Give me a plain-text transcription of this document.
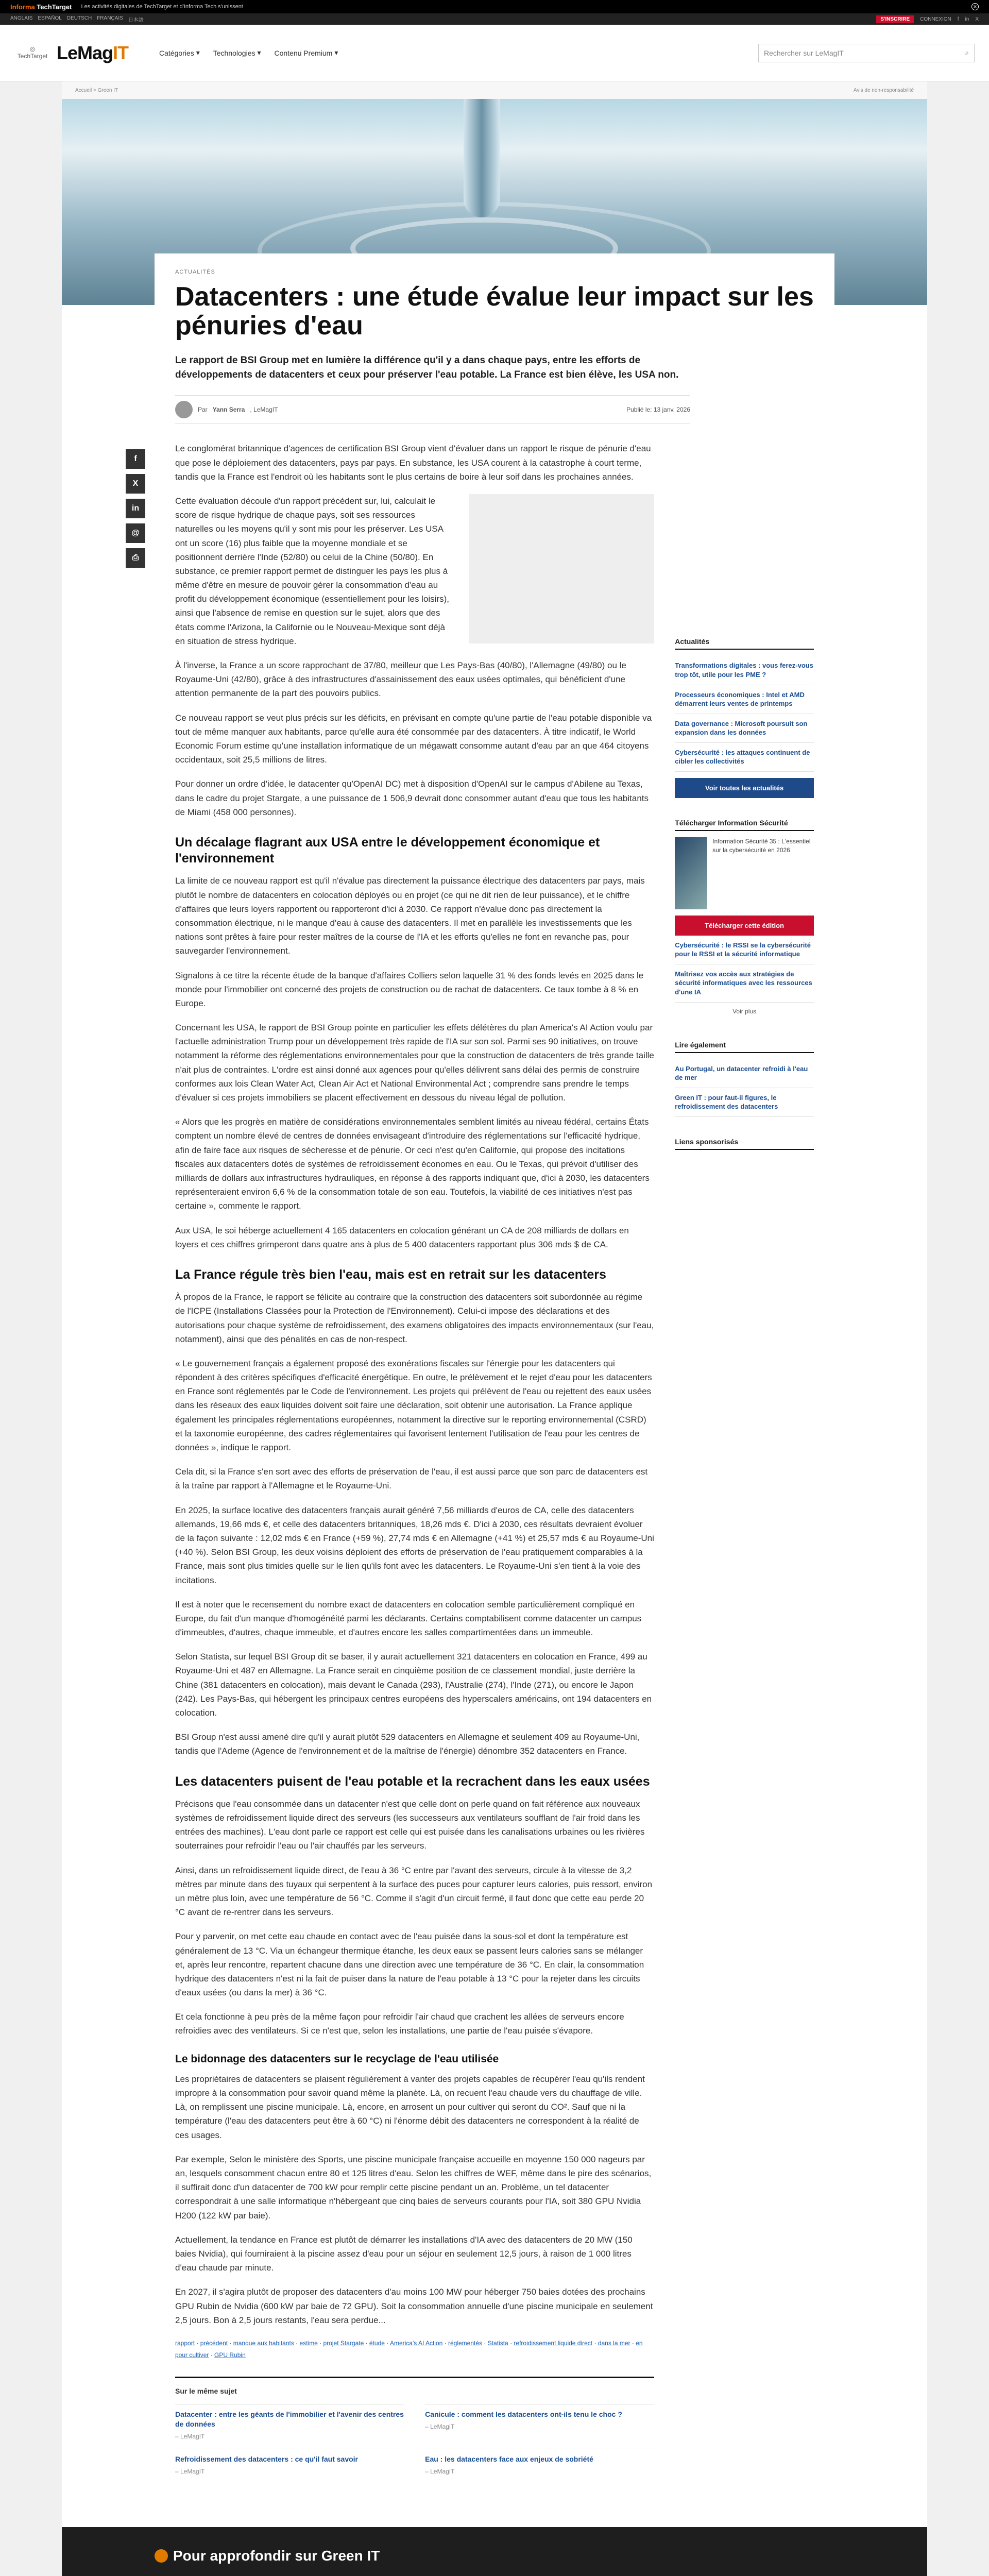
Informa TechTarget Les activités digitales de TechTarget et d'Informa Tech s'unissent	✕
ANGLAIS ESPAÑOL DEUTSCH FRANÇAIS 日本語	S'INSCRIRE	CONNEXION f in X
◎
TechTarget LeMagIT	Catégories ▾ Technologies ▾ Contenu Premium ▾	Rechercher sur LeMagIT	⌕
Accueil > Green IT	Avis de non-responsabilité
f
X
in
@
⎙
ACTUALITÉS
Datacenters : une étude évalue leur impact sur les pénuries d'eau

Le rapport de BSI Group met en lumière la différence qu'il y a dans chaque pays, entre les efforts de développements de datacenters et ceux pour préserver l'eau potable. La France est bien élève, les USA non.

Par Yann Serra , LeMagIT	Publié le: 13 janv. 2026

Le conglomérat britannique d'agences de certification BSI Group vient d'évaluer dans un rapport le risque de pénurie d'eau que pose le déploiement des datacenters, pays par pays. En substance, les USA courent à la catastrophe à court terme, tandis que la France est l'endroit où les habitants sont le plus certains de boire à leur soif dans les prochaines années.

Cette évaluation découle d'un rapport précédent sur, lui, calculait le score de risque hydrique de chaque pays, soit ses ressources naturelles ou les moyens qu'il y sont mis pour les préserver. Les USA ont un score (16) plus faible que la moyenne mondiale et se positionnent derrière l'Inde (52/80) ou celui de la Chine (50/80). En substance, ce premier rapport permet de distinguer les pays les plus à même d'être en mesure de pouvoir gérer la consommation d'eau au profit du développement économique (essentiellement pour les loisirs), ainsi que l'absence de remise en question sur le sujet, alors que des états comme l'Arizona, la Californie ou le Nouveau-Mexique sont déjà en situation de stress hydrique.

À l'inverse, la France a un score rapprochant de 37/80, meilleur que Les Pays-Bas (40/80), l'Allemagne (49/80) ou le Royaume-Uni (42/80), grâce à des infrastructures d'assainissement des eaux usées optimales, qui bénéficient d'une attention permanente de la part des pouvoirs publics.

Ce nouveau rapport se veut plus précis sur les déficits, en prévisant en compte qu'une partie de l'eau potable disponible va tout de même manquer aux habitants, parce qu'elle aura été consommée par des datacenters. À titre indicatif, le World Economic Forum estime qu'une installation informatique de un mégawatt consomme autant d'eau par an que 464 citoyens occidentaux, soit 25,5 millions de litres.

Pour donner un ordre d'idée, le datacenter qu'OpenAI DC) met à disposition d'OpenAI sur le campus d'Abilene au Texas, dans le cadre du projet Stargate, a une puissance de 1 506,9 devrait donc consommer autant d'eau que tous les habitants de Miami (458 000 personnes).

Un décalage flagrant aux USA entre le développement économique et l'environnement

La limite de ce nouveau rapport est qu'il n'évalue pas directement la puissance électrique des datacenters par pays, mais plutôt le nombre de datacenters en colocation déployés ou en projet (ce qui ne dit rien de leur puissance), et le chiffre d'affaires que leurs loyers rapportent ou rapporteront d'ici à 2030. Ce rapport n'évalue donc pas directement la consommation électrique, ni le manque d'eau à cause des datacenters. Il met en parallèle les investissements que les nations sont prêtes à faire pour rester maîtres de la course de l'IA et les efforts qu'elles ne font en revanche pas, pour sauvegarder l'environnement.

Signalons à ce titre la récente étude de la banque d'affaires Colliers selon laquelle 31 % des fonds levés en 2025 dans le monde pour l'immobilier ont concerné des projets de construction ou de rachat de datacenters. Ce taux tombe à 8 % en Europe.

Concernant les USA, le rapport de BSI Group pointe en particulier les effets délétères du plan America's AI Action voulu par l'actuelle administration Trump pour un développement très rapide de l'IA sur son sol. Parmi ses 90 initiatives, on trouve notamment la réforme des réglementations environnementales pour que la construction de datacenters de très grande taille n'ait plus de contraintes. L'ordre est ainsi donné aux agences pour qu'elles délivrent sans délai des permis de construire conformes aux lois Clean Water Act, Clean Air Act et National Environmental Act ; comprendre sans prendre le temps d'évaluer si ces projets immobiliers se placent effectivement en dessous du niveau légal de pollution.

« Alors que les progrès en matière de considérations environnementales semblent limités au niveau fédéral, certains États comptent un nombre élevé de centres de données envisageant d'introduire des réglementations sur l'efficacité hydrique, afin de faire face aux risques de sécheresse et de pénurie. Or ceci n'est qu'en Californie, qui propose des incitations fiscales aux datacenters dotés de systèmes de refroidissement économes en eau. Ou le Texas, qui prévoit d'utiliser des milliards de dollars aux infrastructures hydrauliques, en réponse à des rapports indiquant que, d'ici à 2030, les datacenters représenteraient environ 6,6 % de la consommation totale de son eau. Toutefois, la viabilité de ces initiatives n'est pas certaine », commente le rapport.

Aux USA, le soi héberge actuellement 4 165 datacenters en colocation générant un CA de 208 milliards de dollars en loyers et ces chiffres grimperont dans quatre ans à plus de 5 400 datacenters rapportant plus 306 mds $ de CA.

La France régule très bien l'eau, mais est en retrait sur les datacenters

À propos de la France, le rapport se félicite au contraire que la construction des datacenters soit subordonnée au régime de l'ICPE (Installations Classées pour la Protection de l'Environnement). Celui-ci impose des déclarations et des autorisations pour chaque système de refroidissement, des examens obligatoires des impacts environnementaux (sur l'eau, notamment), ainsi que des pénalités en cas de non-respect.

« Le gouvernement français a également proposé des exonérations fiscales sur l'énergie pour les datacenters qui répondent à des critères spécifiques d'efficacité énergétique. En outre, le prélèvement et le rejet d'eau pour les datacenters en France sont réglementés par le Code de l'environnement. Les projets qui prélèvent de l'eau ou rejettent des eaux usées dans les réseaux des eaux liquides doivent soit faire une déclaration, soit obtenir une autorisation. La France applique également les principales réglementations européennes, notamment la directive sur le reporting environnemental (CSRD) et la taxonomie européenne, des cadres réglementaires qui favorisent lentement l'utilisation de l'eau pour les centres de données », indique le rapport.

Cela dit, si la France s'en sort avec des efforts de préservation de l'eau, il est aussi parce que son parc de datacenters est à la traîne par rapport à l'Allemagne et le Royaume-Uni.

En 2025, la surface locative des datacenters français aurait généré 7,56 milliards d'euros de CA, celle des datacenters allemands, 19,66 mds €, et celle des datacenters britanniques, 18,26 mds €. D'ici à 2030, ces résultats devraient évoluer de la façon suivante : 12,02 mds € en France (+59 %), 27,74 mds € en Allemagne (+41 %) et 25,57 mds € au Royaume-Uni (+40 %). Selon BSI Group, les deux voisins déploient des efforts de préservation de l'eau pratiquement comparables à la France, mais sont plus timides quelle sur le lien qu'ils font avec les datacenters. Le Royaume-Uni s'en tient à la voie des incitations.

Il est à noter que le recensement du nombre exact de datacenters en colocation semble particulièrement compliqué en Europe, du fait d'un manque d'homogénéité parmi les déclarants. Certains comptabilisent comme datacenter un campus d'immeubles, d'autres, chaque immeuble, et d'autres encore les salles compartimentées dans un immeuble.

Selon Statista, sur lequel BSI Group dit se baser, il y aurait actuellement 321 datacenters en colocation en France, 499 au Royaume-Uni et 487 en Allemagne. La France serait en cinquième position de ce classement mondial, juste derrière la Chine (381 datacenters en colocation), mais devant le Canada (293), l'Australie (274), l'Inde (271), ou encore le Japon (242). Les Pays-Bas, qui hébergent les principaux centres européens des hyperscalers américains, ont 194 datacenters en colocation.

BSI Group n'est aussi amené dire qu'il y aurait plutôt 529 datacenters en Allemagne et seulement 409 au Royaume-Uni, tandis que l'Ademe (Agence de l'environnement et de la maîtrise de l'énergie) dénombre 352 datacenters en France.

Les datacenters puisent de l'eau potable et la recrachent dans les eaux usées

Précisons que l'eau consommée dans un datacenter n'est que celle dont on perle quand on fait référence aux nouveaux systèmes de refroidissement liquide direct des serveurs (les successeurs aux ventilateurs soufflant de l'air froid dans les entrées des machines). L'eau dont parle ce rapport est celle qui est puisée dans les canalisations urbaines ou les rivières souterraines pour refroidir l'eau ou l'air chauffés par les serveurs.

Ainsi, dans un refroidissement liquide direct, de l'eau à 36 °C entre par l'avant des serveurs, circule à la vitesse de 3,2 mètres par minute dans des tuyaux qui serpentent à la surface des puces pour capturer leurs calories, puis ressort, environ un mètre plus loin, avec une température de 56 °C. Comme il s'agit d'un circuit fermé, il faut donc que cette eau perde 20 °C avant de re-rentrer dans les serveurs.

Pour y parvenir, on met cette eau chaude en contact avec de l'eau puisée dans la sous-sol et dont la température est généralement de 13 °C. Via un échangeur thermique étanche, les deux eaux se passent leurs calories sans se mélanger et, après leur rencontre, repartent chacune dans une direction avec une température de 36 °C. En clair, la consommation hydrique des datacenters n'est ni la fait de puiser dans la nature de l'eau potable à 13 °C pour la rejeter dans les circuits d'eaux usées (ou dans la mer) à 36 °C.

Et cela fonctionne à peu près de la même façon pour refroidir l'air chaud que crachent les allées de serveurs encore refroidies avec des ventilateurs. Si ce n'est que, selon les installations, une partie de l'eau puisée s'évapore.

Le bidonnage des datacenters sur le recyclage de l'eau utilisée

Les propriétaires de datacenters se plaisent régulièrement à vanter des projets capables de récupérer l'eau qu'ils rendent impropre à la consommation pour savoir quand même la planète. Là, on recuent l'eau chaude vers du chauffage de ville. Là, on remplissent une piscine municipale. Là, encore, en arrosent un pour cultiver qui seront du CO². Sauf que ni la température (l'eau des datacenters peut être à 60 °C) ni l'énorme débit des datacenters ne correspondent à la réalité de ces usages.

Par exemple, Selon le ministère des Sports, une piscine municipale française accueille en moyenne 150 000 nageurs par an, lesquels consomment chacun entre 80 et 125 litres d'eau. Selon les chiffres de WEF, même dans le pire des scénarios, il suffirait donc d'un datacenter de 700 kW pour remplir cette piscine pendant un an. Problème, un tel datacenter correspondrait à une salle informatique n'hébergeant que cinq baies de serveurs courants pour l'IA, soit 380 GPU Nvidia H200 (122 kW par baie).

Actuellement, la tendance en France est plutôt de démarrer les installations d'IA avec des datacenters de 20 MW (150 baies Nvidia), qui fourniraient à la piscine assez d'eau pour un séjour en seulement 12,5 jours, à raison de 1 000 litres d'eau chaude par minute.

En 2027, il s'agira plutôt de proposer des datacenters d'au moins 100 MW pour héberger 750 baies dotées des prochains GPU Rubin de Nvidia (600 kW par baie de 72 GPU). Soit la consommation annuelle d'une piscine municipale en seulement 2,5 jours. Bon à 2,5 jours restants, l'eau sera perdue...

rapport · précédent · manque aux habitants · estime · projet Stargate · étude · America's AI Action · réglementés · Statista · refroidissement liquide direct · dans la mer · en pour cultiver · GPU Rubin

Sur le même sujet
Datacenter : entre les géants de l'immobilier et l'avenir des centres de données
– LeMagIT
Canicule : comment les datacenters ont-ils tenu le choc ?
– LeMagIT
Refroidissement des datacenters : ce qu'il faut savoir
– LeMagIT
Eau : les datacenters face aux enjeux de sobriété
– LeMagIT
Actualités
Transformations digitales : vous ferez-vous trop tôt, utile pour les PME ?
Processeurs économiques : Intel et AMD démarrent leurs ventes de printemps
Data governance : Microsoft poursuit son expansion dans les données
Cybersécurité : les attaques continuent de cibler les collectivités
Voir toutes les actualités
Télécharger Information Sécurité
Information Sécurité 35 : L'essentiel sur la cybersécurité en 2026
Télécharger cette édition
Cybersécurité : le RSSI se la cybersécurité pour le RSSI et la sécurité informatique
Maîtrisez vos accès aux stratégies de sécurité informatiques avec les ressources d'une IA
Voir plus
Lire également
Au Portugal, un datacenter refroidi à l'eau de mer
Green IT : pour faut-il figures, le refroidissement des datacenters
Liens sponsorisés
Pour approfondir sur Green IT
